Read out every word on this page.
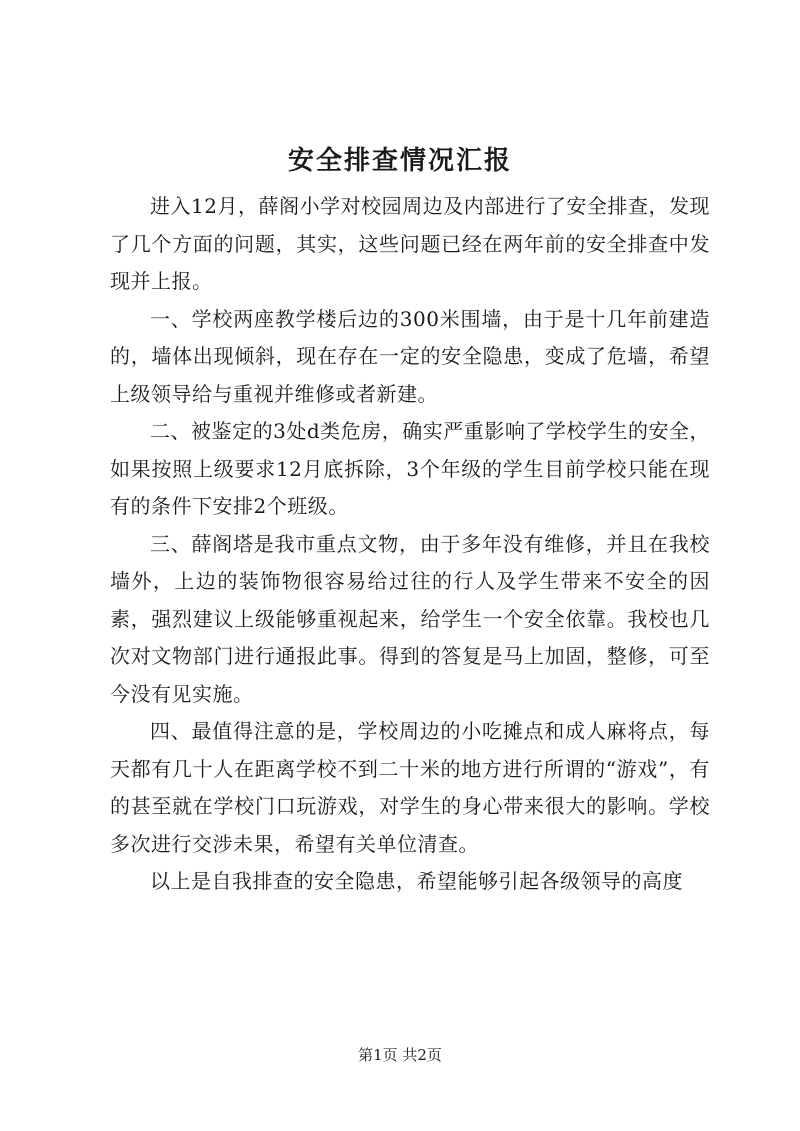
安全排查情况汇报

进入12月，薛阁小学对校园周边及内部进行了安全排查，发现了几个方面的问题，其实，这些问题已经在两年前的安全排查中发现并上报。

一、学校两座教学楼后边的300米围墙，由于是十几年前建造的，墙体出现倾斜，现在存在一定的安全隐患，变成了危墙，希望上级领导给与重视并维修或者新建。

二、被鉴定的3处d类危房，确实严重影响了学校学生的安全，如果按照上级要求12月底拆除，3个年级的学生目前学校只能在现有的条件下安排2个班级。

三、薛阁塔是我市重点文物，由于多年没有维修，并且在我校墙外，上边的装饰物很容易给过往的行人及学生带来不安全的因素，强烈建议上级能够重视起来，给学生一个安全依靠。我校也几次对文物部门进行通报此事。得到的答复是马上加固，整修，可至今没有见实施。

四、最值得注意的是，学校周边的小吃摊点和成人麻将点，每天都有几十人在距离学校不到二十米的地方进行所谓的“游戏”，有的甚至就在学校门口玩游戏，对学生的身心带来很大的影响。学校多次进行交涉未果，希望有关单位清查。

以上是自我排查的安全隐患，希望能够引起各级领导的高度

第1页 共2页
